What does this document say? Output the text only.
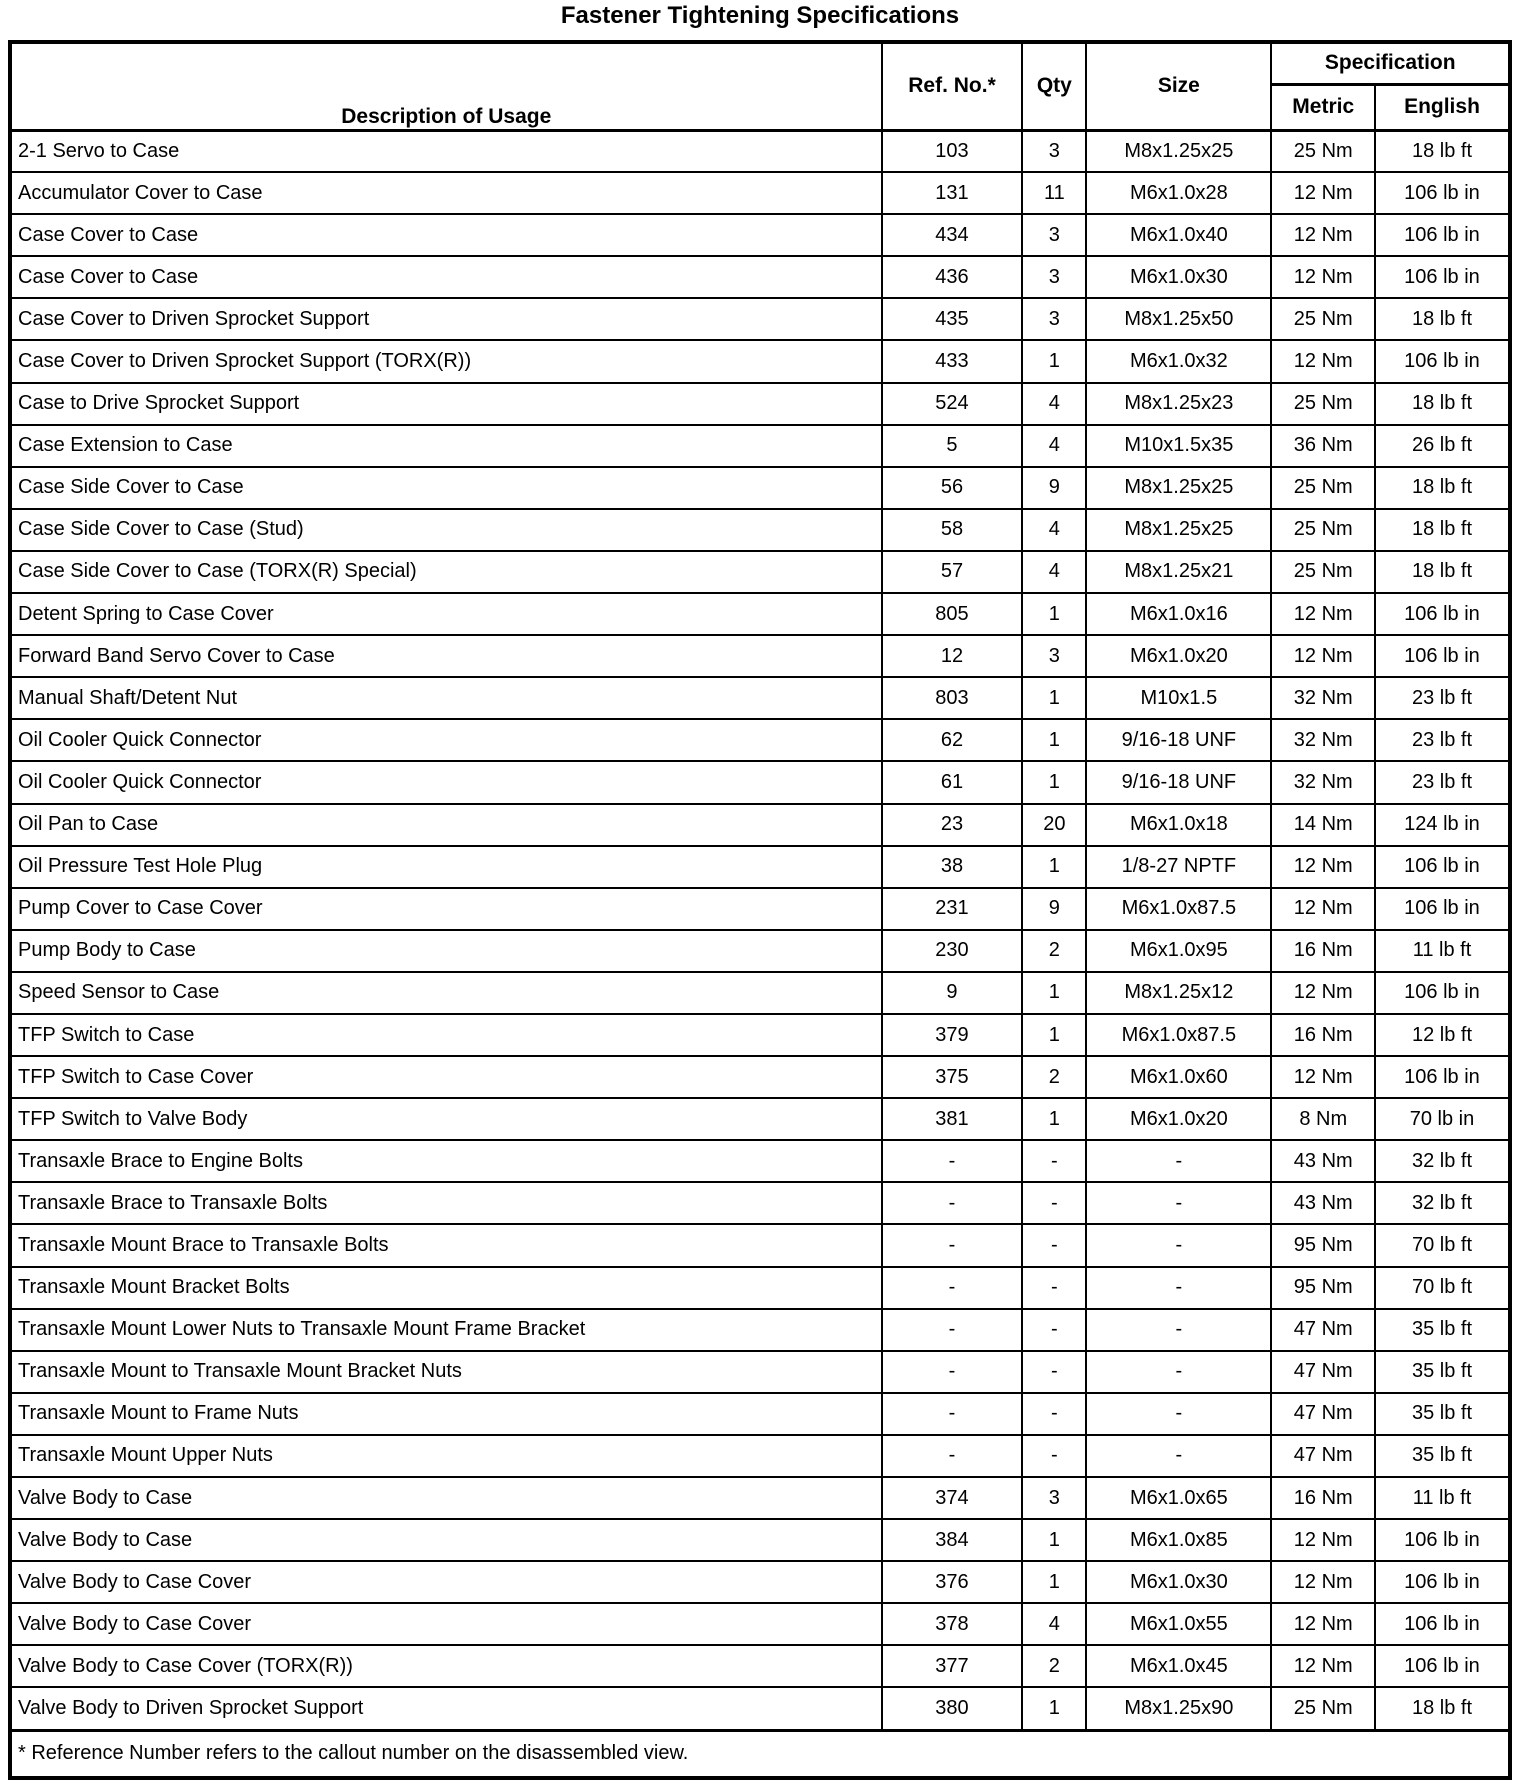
Fastener Tightening Specifications
Description of Usage	Ref. No.*	Qty	Size	Specification	
				Metric	English
2-1 Servo to Case	103	3	M8x1.25x25	25 Nm	18 lb ft
Accumulator Cover to Case	131	11	M6x1.0x28	12 Nm	106 lb in
Case Cover to Case	434	3	M6x1.0x40	12 Nm	106 lb in
Case Cover to Case	436	3	M6x1.0x30	12 Nm	106 lb in
Case Cover to Driven Sprocket Support	435	3	M8x1.25x50	25 Nm	18 lb ft
Case Cover to Driven Sprocket Support (TORX(R))	433	1	M6x1.0x32	12 Nm	106 lb in
Case to Drive Sprocket Support	524	4	M8x1.25x23	25 Nm	18 lb ft
Case Extension to Case	5	4	M10x1.5x35	36 Nm	26 lb ft
Case Side Cover to Case	56	9	M8x1.25x25	25 Nm	18 lb ft
Case Side Cover to Case (Stud)	58	4	M8x1.25x25	25 Nm	18 lb ft
Case Side Cover to Case (TORX(R) Special)	57	4	M8x1.25x21	25 Nm	18 lb ft
Detent Spring to Case Cover	805	1	M6x1.0x16	12 Nm	106 lb in
Forward Band Servo Cover to Case	12	3	M6x1.0x20	12 Nm	106 lb in
Manual Shaft/Detent Nut	803	1	M10x1.5	32 Nm	23 lb ft
Oil Cooler Quick Connector	62	1	9/16-18 UNF	32 Nm	23 lb ft
Oil Cooler Quick Connector	61	1	9/16-18 UNF	32 Nm	23 lb ft
Oil Pan to Case	23	20	M6x1.0x18	14 Nm	124 lb in
Oil Pressure Test Hole Plug	38	1	1/8-27 NPTF	12 Nm	106 lb in
Pump Cover to Case Cover	231	9	M6x1.0x87.5	12 Nm	106 lb in
Pump Body to Case	230	2	M6x1.0x95	16 Nm	11 lb ft
Speed Sensor to Case	9	1	M8x1.25x12	12 Nm	106 lb in
TFP Switch to Case	379	1	M6x1.0x87.5	16 Nm	12 lb ft
TFP Switch to Case Cover	375	2	M6x1.0x60	12 Nm	106 lb in
TFP Switch to Valve Body	381	1	M6x1.0x20	8 Nm	70 lb in
Transaxle Brace to Engine Bolts	-	-	-	43 Nm	32 lb ft
Transaxle Brace to Transaxle Bolts	-	-	-	43 Nm	32 lb ft
Transaxle Mount Brace to Transaxle Bolts	-	-	-	95 Nm	70 lb ft
Transaxle Mount Bracket Bolts	-	-	-	95 Nm	70 lb ft
Transaxle Mount Lower Nuts to Transaxle Mount Frame Bracket	-	-	-	47 Nm	35 lb ft
Transaxle Mount to Transaxle Mount Bracket Nuts	-	-	-	47 Nm	35 lb ft
Transaxle Mount to Frame Nuts	-	-	-	47 Nm	35 lb ft
Transaxle Mount Upper Nuts	-	-	-	47 Nm	35 lb ft
Valve Body to Case	374	3	M6x1.0x65	16 Nm	11 lb ft
Valve Body to Case	384	1	M6x1.0x85	12 Nm	106 lb in
Valve Body to Case Cover	376	1	M6x1.0x30	12 Nm	106 lb in
Valve Body to Case Cover	378	4	M6x1.0x55	12 Nm	106 lb in
Valve Body to Case Cover (TORX(R))	377	2	M6x1.0x45	12 Nm	106 lb in
Valve Body to Driven Sprocket Support	380	1	M8x1.25x90	25 Nm	18 lb ft
* Reference Number refers to the callout number on the disassembled view.					
